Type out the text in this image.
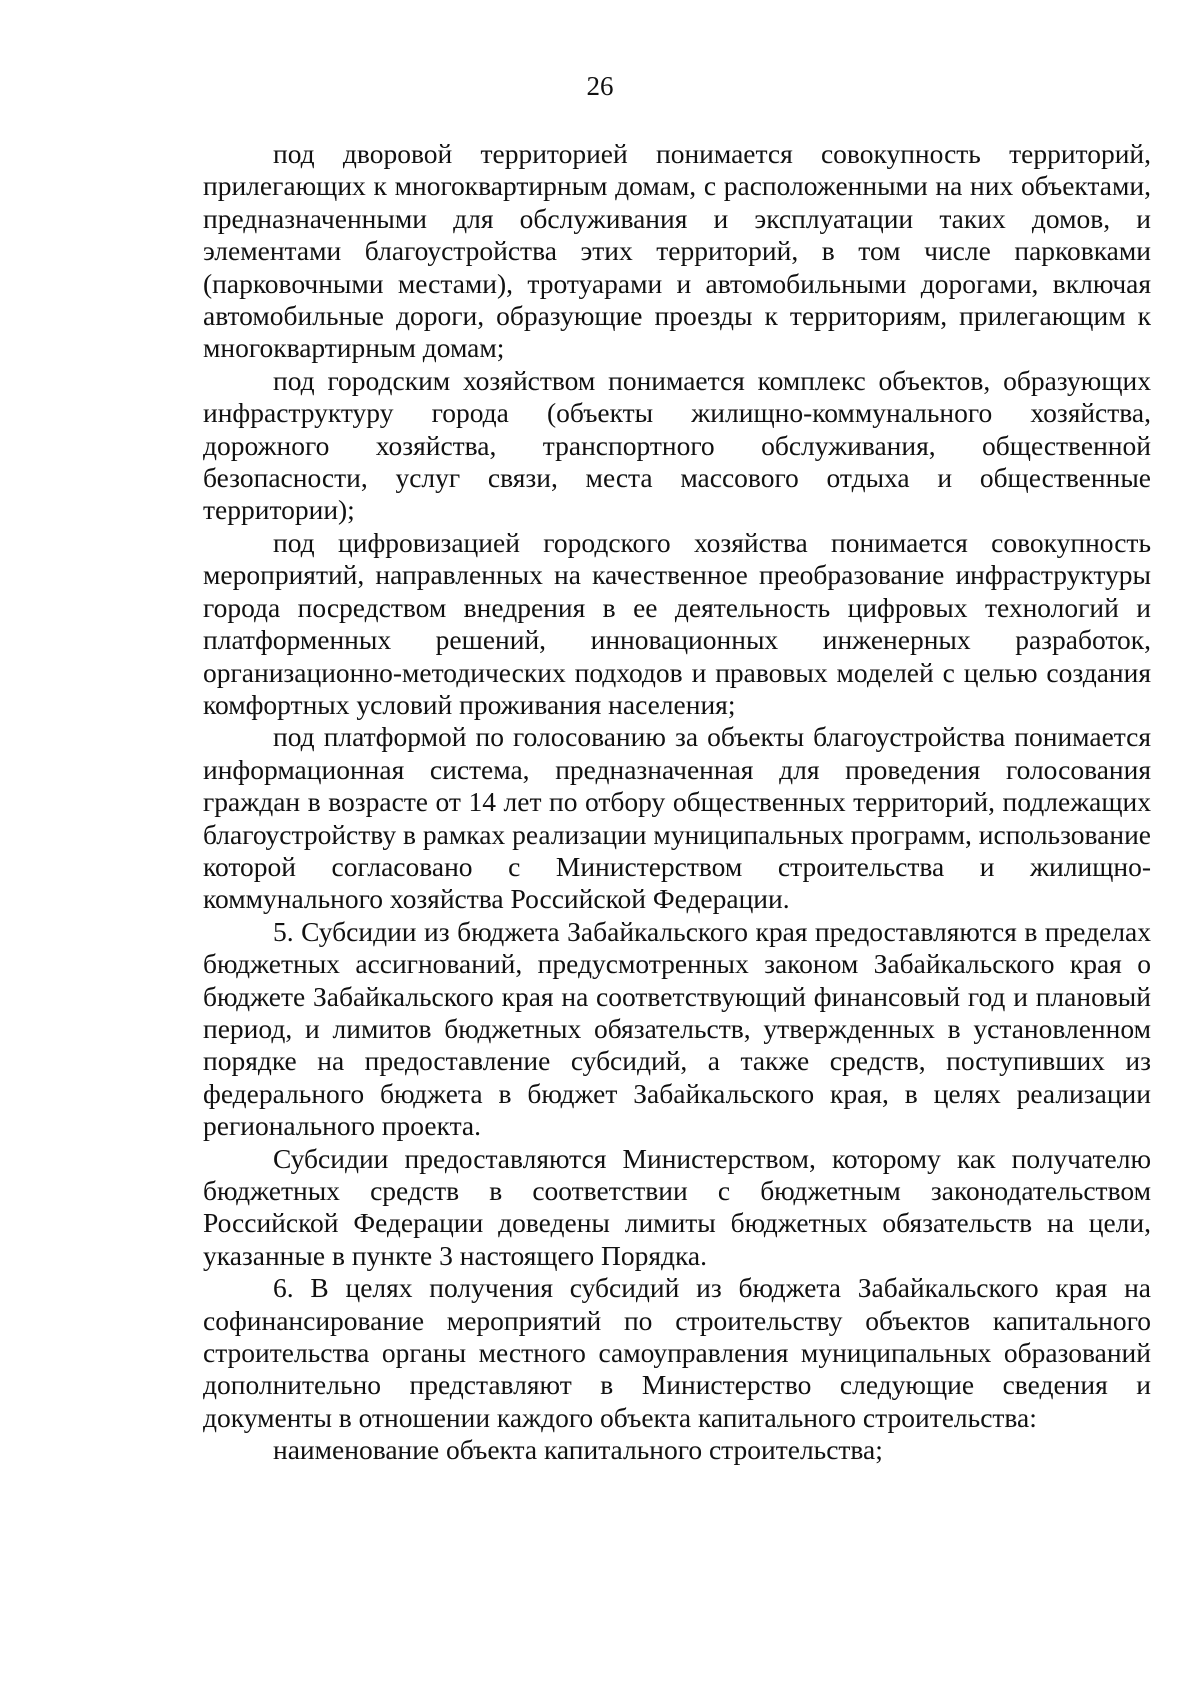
26

под дворовой территорией понимается совокупность территорий, прилегающих к многоквартирным домам, с расположенными на них объектами, предназначенными для обслуживания и эксплуатации таких домов, и элементами благоустройства этих территорий, в том числе парковками (парковочными местами), тротуарами и автомобильными дорогами, включая автомобильные дороги, образующие проезды к территориям, прилегающим к многоквартирным домам;

под городским хозяйством понимается комплекс объектов, образующих инфраструктуру города (объекты жилищно-коммунального хозяйства, дорожного хозяйства, транспортного обслуживания, общественной безопасности, услуг связи, места массового отдыха и общественные территории);

под цифровизацией городского хозяйства понимается совокупность мероприятий, направленных на качественное преобразование инфраструктуры города посредством внедрения в ее деятельность цифровых технологий и платформенных решений, инновационных инженерных разработок, организационно-методических подходов и правовых моделей с целью создания комфортных условий проживания населения;

под платформой по голосованию за объекты благоустройства понимается информационная система, предназначенная для проведения голосования граждан в возрасте от 14 лет по отбору общественных территорий, подлежащих благоустройству в рамках реализации муниципальных программ, использование которой согласовано с Министерством строительства и жилищно-коммунального хозяйства Российской Федерации.

5. Субсидии из бюджета Забайкальского края предоставляются в пределах бюджетных ассигнований, предусмотренных законом Забайкальского края о бюджете Забайкальского края на соответствующий финансовый год и плановый период, и лимитов бюджетных обязательств, утвержденных в установленном порядке на предоставление субсидий, а также средств, поступивших из федерального бюджета в бюджет Забайкальского края, в целях реализации регионального проекта.

Субсидии предоставляются Министерством, которому как получателю бюджетных средств в соответствии с бюджетным законодательством Российской Федерации доведены лимиты бюджетных обязательств на цели, указанные в пункте 3 настоящего Порядка.

6. В целях получения субсидий из бюджета Забайкальского края на софинансирование мероприятий по строительству объектов капитального строительства органы местного самоуправления муниципальных образований дополнительно представляют в Министерство следующие сведения и документы в отношении каждого объекта капитального строительства:

наименование объекта капитального строительства;
